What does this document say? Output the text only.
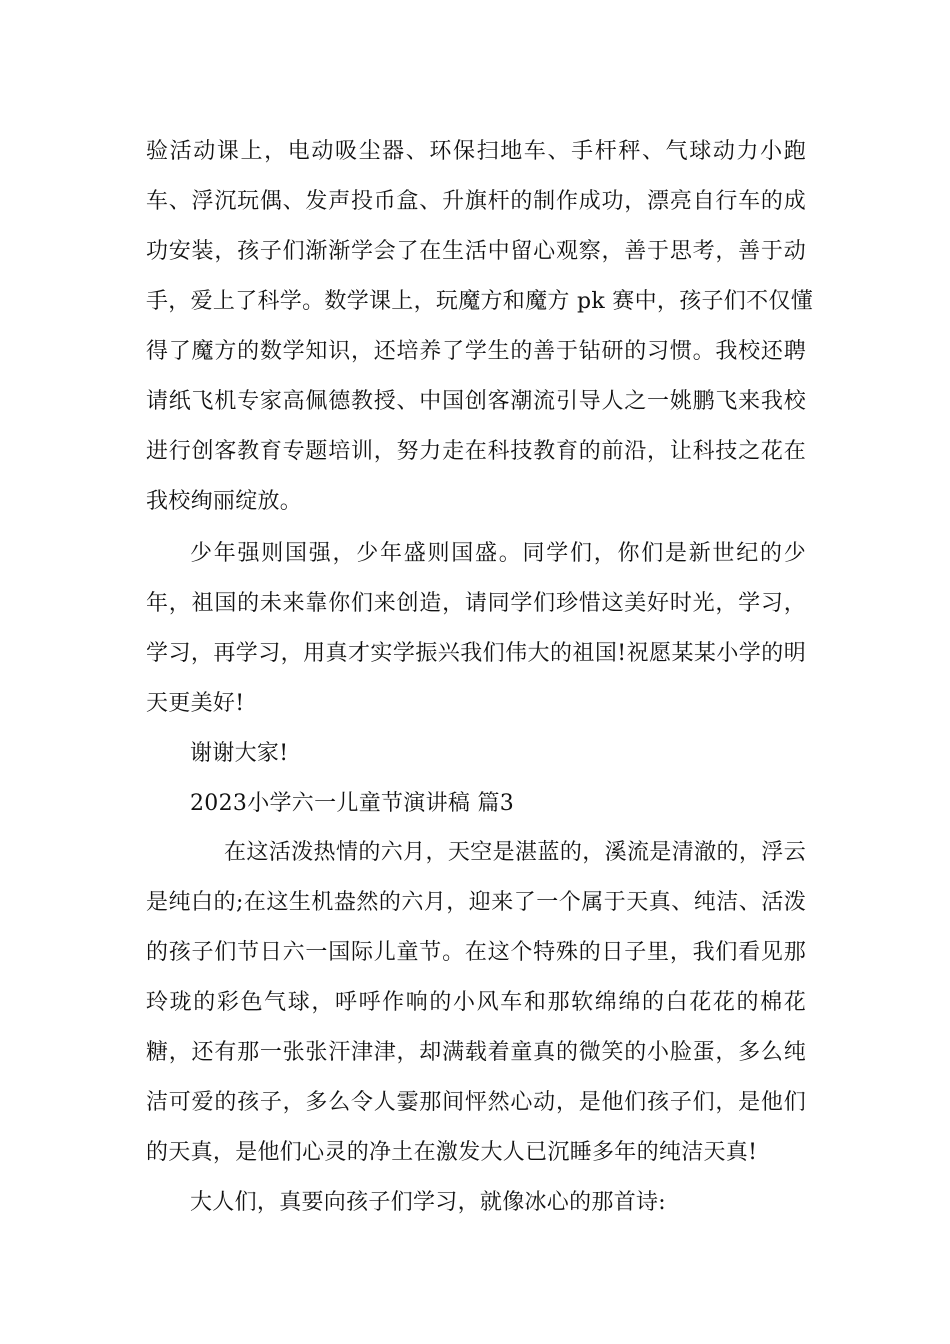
验活动课上，电动吸尘器、环保扫地车、手杆秤、气球动力小跑
车、浮沉玩偶、发声投币盒、升旗杆的制作成功，漂亮自行车的成
功安装，孩子们渐渐学会了在生活中留心观察，善于思考，善于动
手，爱上了科学。数学课上，玩魔方和魔方 pk 赛中，孩子们不仅懂
得了魔方的数学知识，还培养了学生的善于钻研的习惯。我校还聘
请纸飞机专家高佩德教授、中国创客潮流引导人之一姚鹏飞来我校
进行创客教育专题培训，努力走在科技教育的前沿，让科技之花在
我校绚丽绽放。
少年强则国强，少年盛则国盛。同学们，你们是新世纪的少
年，祖国的未来靠你们来创造，请同学们珍惜这美好时光，学习，
学习，再学习，用真才实学振兴我们伟大的祖国!祝愿某某小学的明
天更美好!
谢谢大家!
2023小学六一儿童节演讲稿 篇3
在这活泼热情的六月，天空是湛蓝的，溪流是清澈的，浮云
是纯白的;在这生机盎然的六月，迎来了一个属于天真、纯洁、活泼
的孩子们节日六一国际儿童节。在这个特殊的日子里，我们看见那
玲珑的彩色气球，呼呼作响的小风车和那软绵绵的白花花的棉花
糖，还有那一张张汗津津，却满载着童真的微笑的小脸蛋，多么纯
洁可爱的孩子，多么令人霎那间怦然心动，是他们孩子们，是他们
的天真，是他们心灵的净土在激发大人已沉睡多年的纯洁天真!
大人们，真要向孩子们学习，就像冰心的那首诗:
